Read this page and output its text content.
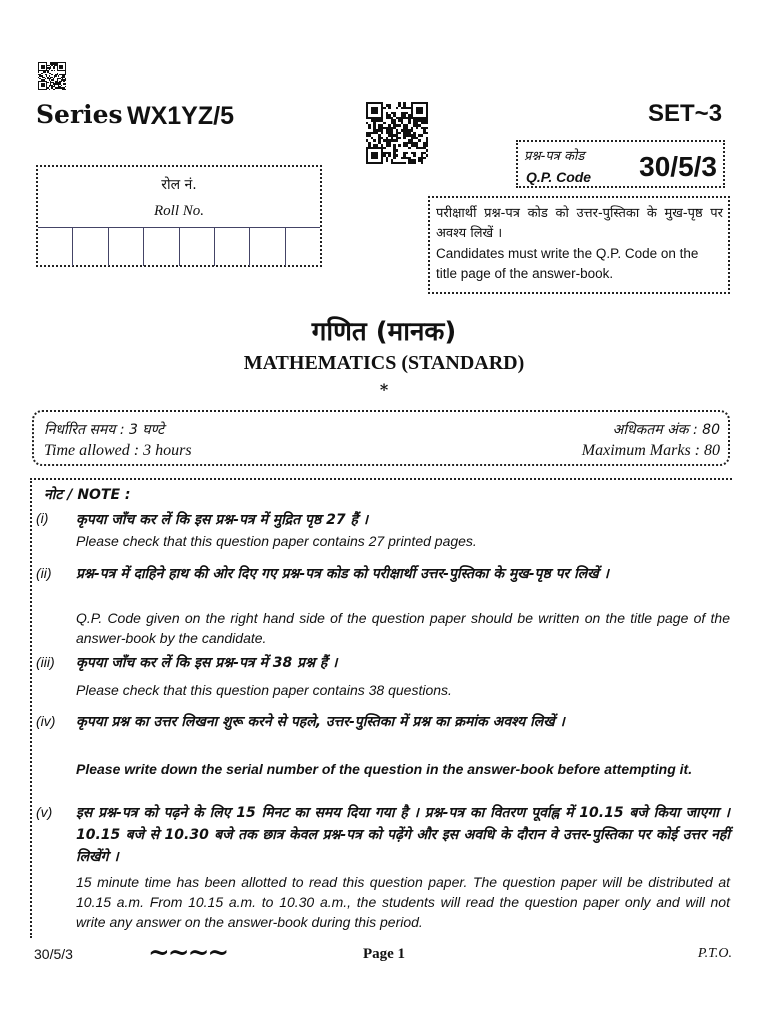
Series WX1YZ/5	SET~3
प्रश्न-पत्र कोड
Q.P. Code 30/5/3
रोल नं.
Roll No.	परीक्षार्थी प्रश्न-पत्र कोड को उत्तर-पुस्तिका के मुख-पृष्ठ पर अवश्य लिखें ।
Candidates must write the Q.P. Code on the title page of the answer-book.
गणित (मानक)
MATHEMATICS (STANDARD)
*
निर्धारित समय : 3 घण्टे	अधिकतम अंक : 80
Time allowed : 3 hours	Maximum Marks : 80
नोट / NOTE :
(i) कृपया जाँच कर लें कि इस प्रश्न-पत्र में मुद्रित पृष्ठ 27 हैं ।
Please check that this question paper contains 27 printed pages.
(ii) प्रश्न-पत्र में दाहिने हाथ की ओर दिए गए प्रश्न-पत्र कोड को परीक्षार्थी उत्तर-पुस्तिका के मुख-पृष्ठ पर लिखें ।
Q.P. Code given on the right hand side of the question paper should be written on the title page of the answer-book by the candidate.
(iii) कृपया जाँच कर लें कि इस प्रश्न-पत्र में 38 प्रश्न हैं ।
Please check that this question paper contains 38 questions.
(iv) कृपया प्रश्न का उत्तर लिखना शुरू करने से पहले, उत्तर-पुस्तिका में प्रश्न का क्रमांक अवश्य लिखें ।
Please write down the serial number of the question in the answer-book before attempting it.
(v) इस प्रश्न-पत्र को पढ़ने के लिए 15 मिनट का समय दिया गया है । प्रश्न-पत्र का वितरण पूर्वाह्न में 10.15 बजे किया जाएगा । 10.15 बजे से 10.30 बजे तक छात्र केवल प्रश्न-पत्र को पढ़ेंगे और इस अवधि के दौरान वे उत्तर-पुस्तिका पर कोई उत्तर नहीं लिखेंगे ।
15 minute time has been allotted to read this question paper. The question paper will be distributed at 10.15 a.m. From 10.15 a.m. to 10.30 a.m., the students will read the question paper only and will not write any answer on the answer-book during this period.
30/5/3	~~~~	Page 1	P.T.O.
